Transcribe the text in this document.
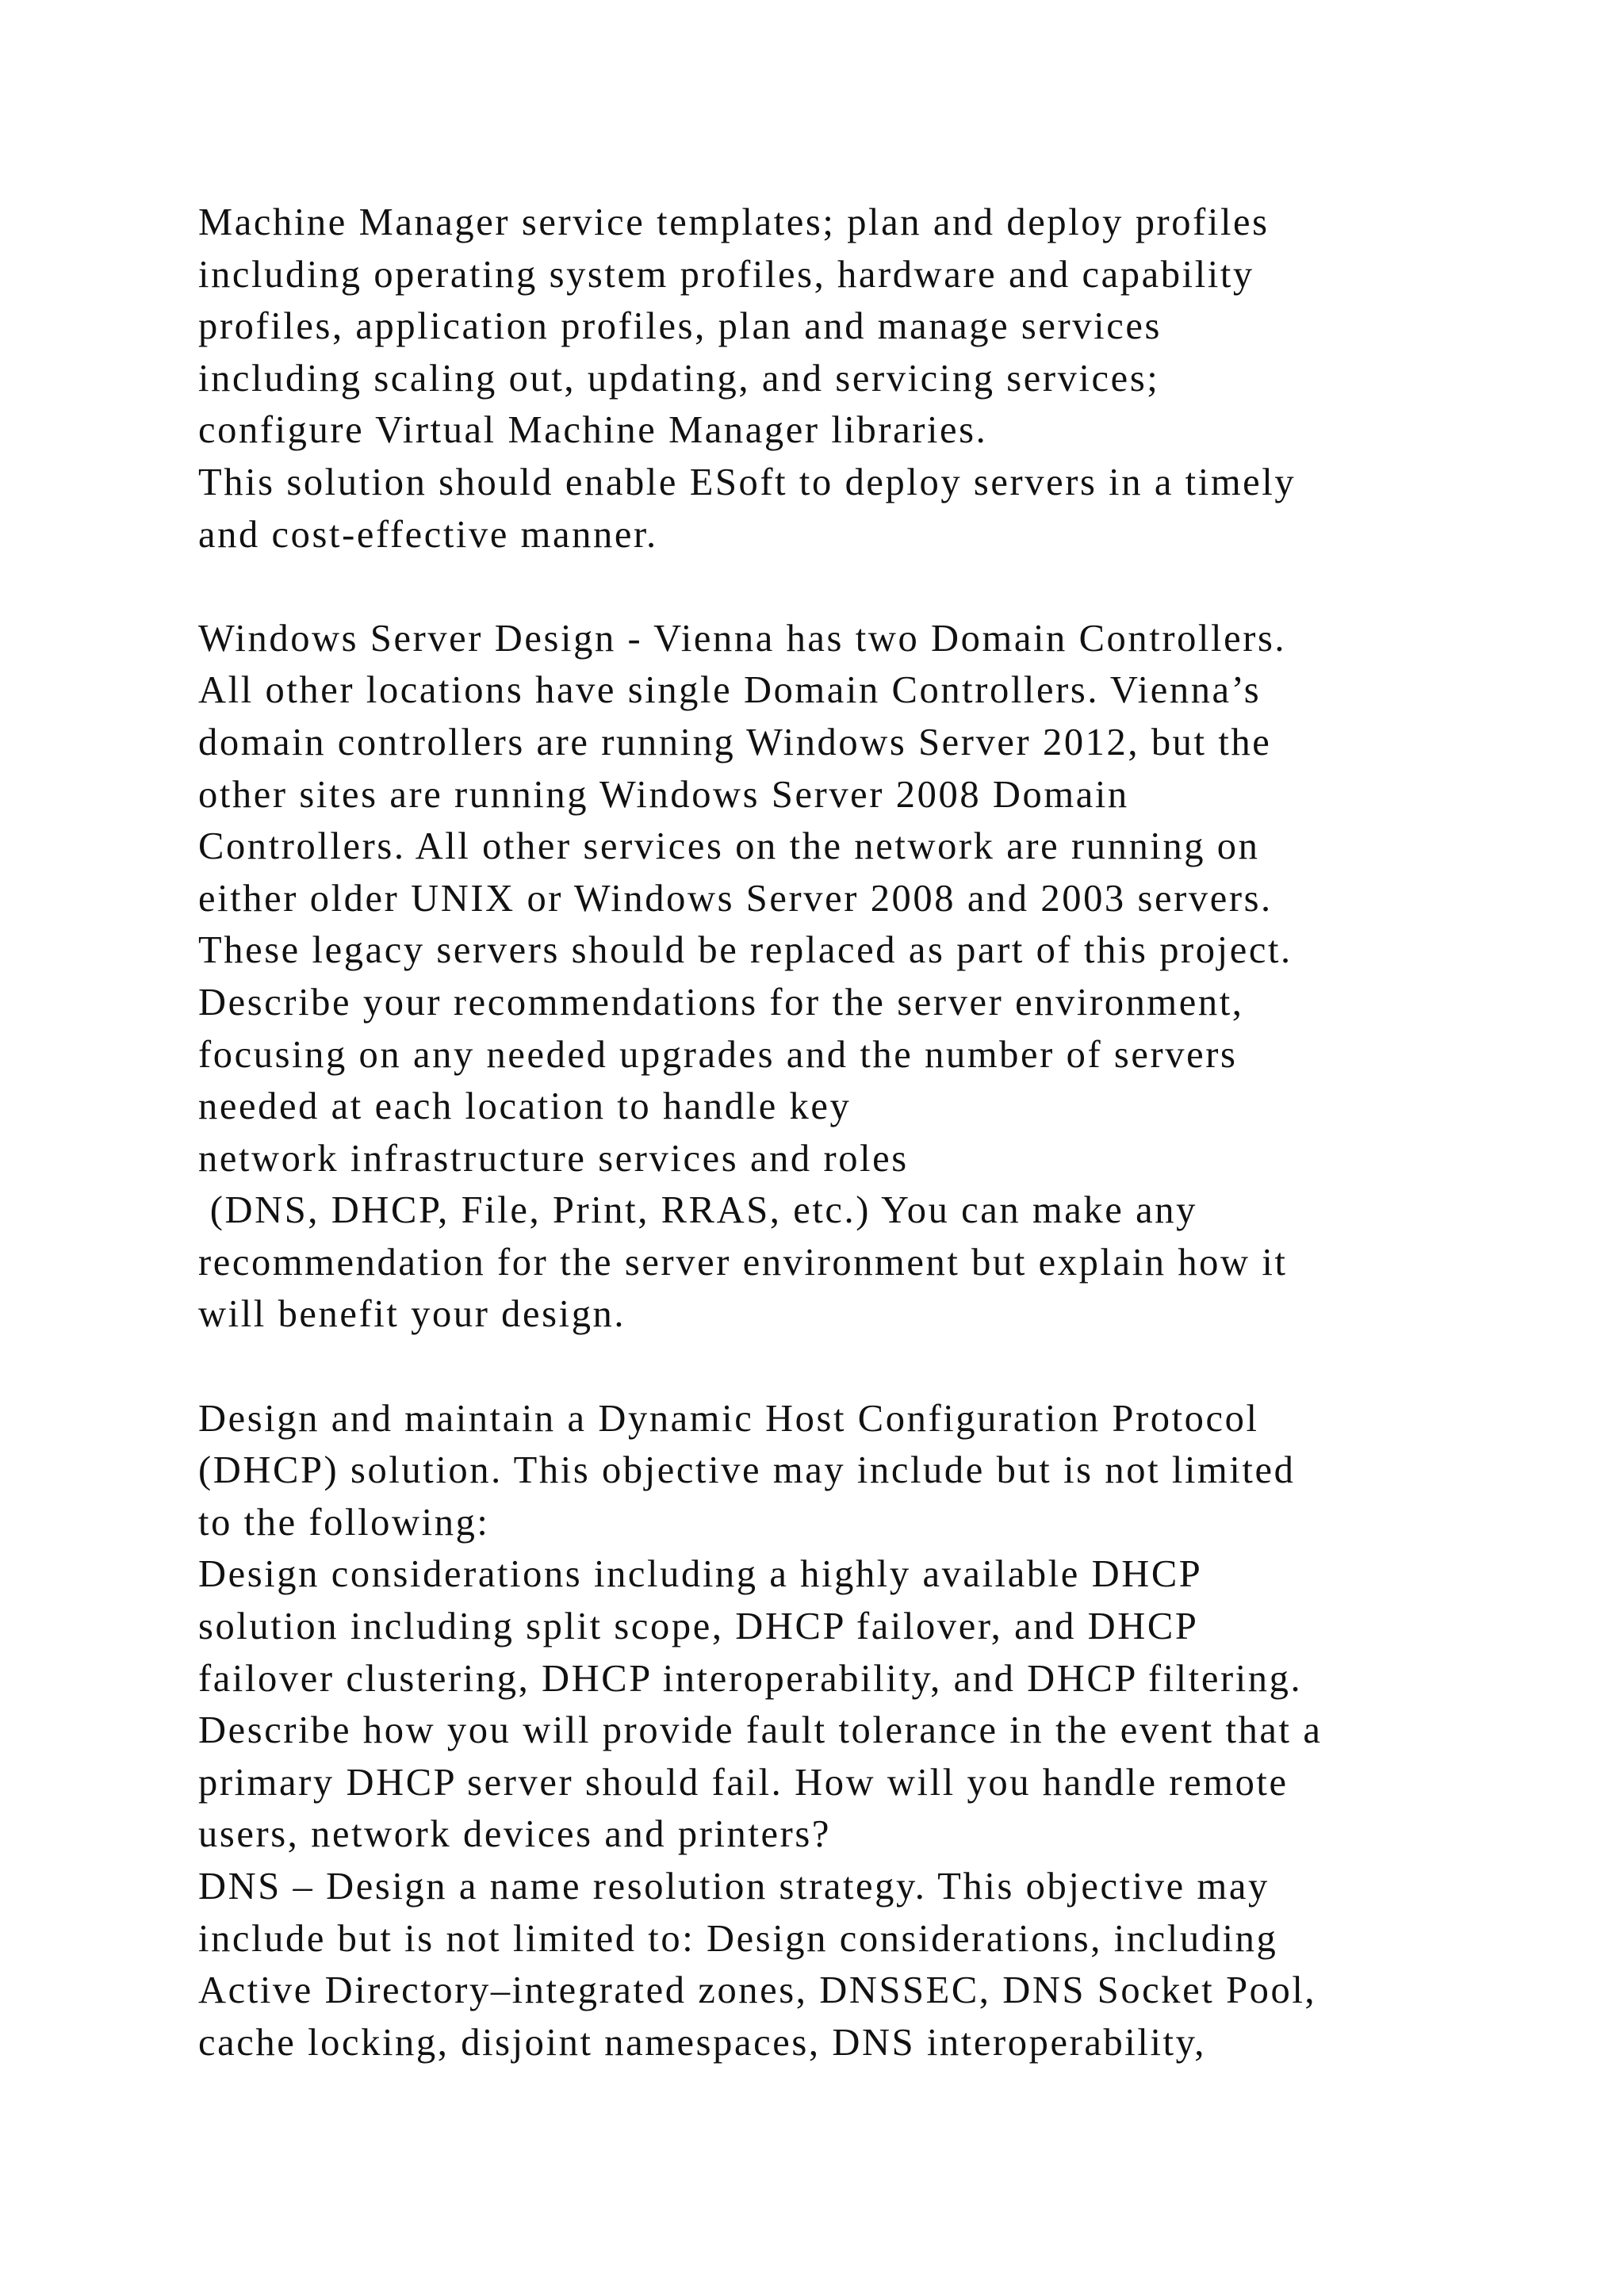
Machine Manager service templates; plan and deploy profiles
including operating system profiles, hardware and capability
profiles, application profiles, plan and manage services
including scaling out, updating, and servicing services;
configure Virtual Machine Manager libraries.
This solution should enable ESoft to deploy servers in a timely
and cost-effective manner.
Windows Server Design - Vienna has two Domain Controllers.
All other locations have single Domain Controllers. Vienna’s
domain controllers are running Windows Server 2012, but the
other sites are running Windows Server 2008 Domain
Controllers. All other services on the network are running on
either older UNIX or Windows Server 2008 and 2003 servers.
These legacy servers should be replaced as part of this project.
Describe your recommendations for the server environment,
focusing on any needed upgrades and the number of servers
needed at each location to handle key
network infrastructure services and roles
(DNS, DHCP, File, Print, RRAS, etc.) You can make any
recommendation for the server environment but explain how it
will benefit your design.
Design and maintain a Dynamic Host Configuration Protocol
(DHCP) solution. This objective may include but is not limited
to the following:
Design considerations including a highly available DHCP
solution including split scope, DHCP failover, and DHCP
failover clustering, DHCP interoperability, and DHCP filtering.
Describe how you will provide fault tolerance in the event that a
primary DHCP server should fail. How will you handle remote
users, network devices and printers?
DNS – Design a name resolution strategy. This objective may
include but is not limited to: Design considerations, including
Active Directory–integrated zones, DNSSEC, DNS Socket Pool,
cache locking, disjoint namespaces, DNS interoperability,
